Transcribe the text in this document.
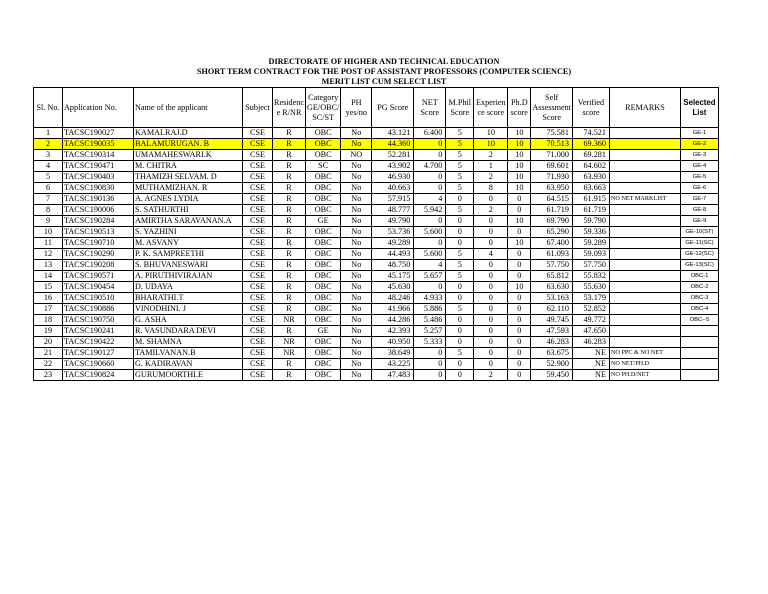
DIRECTORATE OF HIGHER AND TECHNICAL EDUCATION
SHORT TERM CONTRACT FOR THE POST OF ASSISTANT PROFESSORS (COMPUTER SCIENCE)
MERIT LIST CUM SELECT LIST
Sl. No.	Application No.	Name of the applicant	Subject	Residenc e R/NR	Category GE/OBC/ SC/ST	PH yes/no	PG Score	NET Score	M.Phil Score	Experien ce score	Ph.D score	Self Assessment Score	Verified score	REMARKS	Selected List
1	TACSC190027	KAMALRAJ.D	CSE	R	OBC	No	43.121	6.400	5	10	10	75.581	74.521		GE-1
2	TACSC190035	BALAMURUGAN. B	CSE	R	OBC	No	44.360	0	5	10	10	70.513	69.360		GE-2
3	TACSC190314	UMAMAHESWARI.K	CSE	R	OBC	NO	52.281	0	5	2	10	71.000	69.281		GE-3
4	TACSC190471	M. CHITRA	CSE	R	SC	No	43.902	4.700	5	1	10	69.601	64.602		GE-4
5	TACSC190403	THAMIZH SELVAM. D	CSE	R	OBC	No	46.930	0	5	2	10	71.930	63.930		GE-5
6	TACSC190830	MUTHAMIZHAN. R	CSE	R	OBC	No	40.663	0	5	8	10	63.950	63.663		GE-6
7	TACSC190136	A. AGNES LYDIA	CSE	R	OBC	No	57.915	4	0	0	0	64.515	61.915	NO NET MARKLIST	GE-7
8	TACSC190006	S. SATHURTHI	CSE	R	OBC	No	48.777	5.942	5	2	0	61.719	61.719		GE-8
9	TACSC190284	AMIRTHA SARAVANAN.A	CSE	R	GE	No	49.790	0	0	0	10	69.790	59.790		GE-9
10	TACSC190513	S. YAZHINI	CSE	R	OBC	No	53.736	5.600	0	0	0	65.290	59.336		GE-10(ST)
11	TACSC190710	M. ASVANY	CSE	R	OBC	No	49.289	0	0	0	10	67.400	59.289		GE-11(SC)
12	TACSC190290	P. K. SAMPREETHI	CSE	R	OBC	No	44.493	5.600	5	4	0	61.093	59.093		GE-12(SC)
13	TACSC190208	S. BHUVANESWARI	CSE	R	OBC	No	48.750	4	5	0	0	57.750	57.750		GE-13(SC)
14	TACSC190571	A. PIRUTHIVIRAJAN	CSE	R	OBC	No	45.175	5.657	5	0	0	65.812	55.832		OBC-1
15	TACSC190454	D. UDAYA	CSE	R	OBC	No	45.630	0	0	0	10	63.630	55.630		OBC-2
16	TACSC190510	BHARATHI.T	CSE	R	OBC	No	48.246	4.933	0	0	0	53.163	53.179		OBC-3
17	TACSC190886	VINODHINI. J	CSE	R	OBC	No	41.966	5.886	5	0	0	62.110	52.852		OBC-4
18	TACSC190750	G. ASHA	CSE	NR	OBC	No	44.286	5.486	0	0	0	49.745	49.772		OBC--5
19	TACSC190241	R. VASUNDARA DEVI	CSE	R	GE	No	42.393	5.257	0	0	0	47.593	47.650		
20	TACSC190422	M. SHAMNA	CSE	NR	OBC	No	40.950	5.333	0	0	0	46.283	46.283		
21	TACSC190127	TAMILVANAN.B	CSE	NR	OBC	No	38.649	0	5	0	0	63.675	NE	NO PPC & NO NET	
22	TACSC190660	G. KADIRAVAN	CSE	R	OBC	No	43.225	0	0	0	0	52.900	NE	NO NET/PH.D	
23	TACSC190824	GURUMOORTHI.E	CSE	R	OBC	No	47.483	0	0	2	0	59.450	NE	NO PH.D/NET	
